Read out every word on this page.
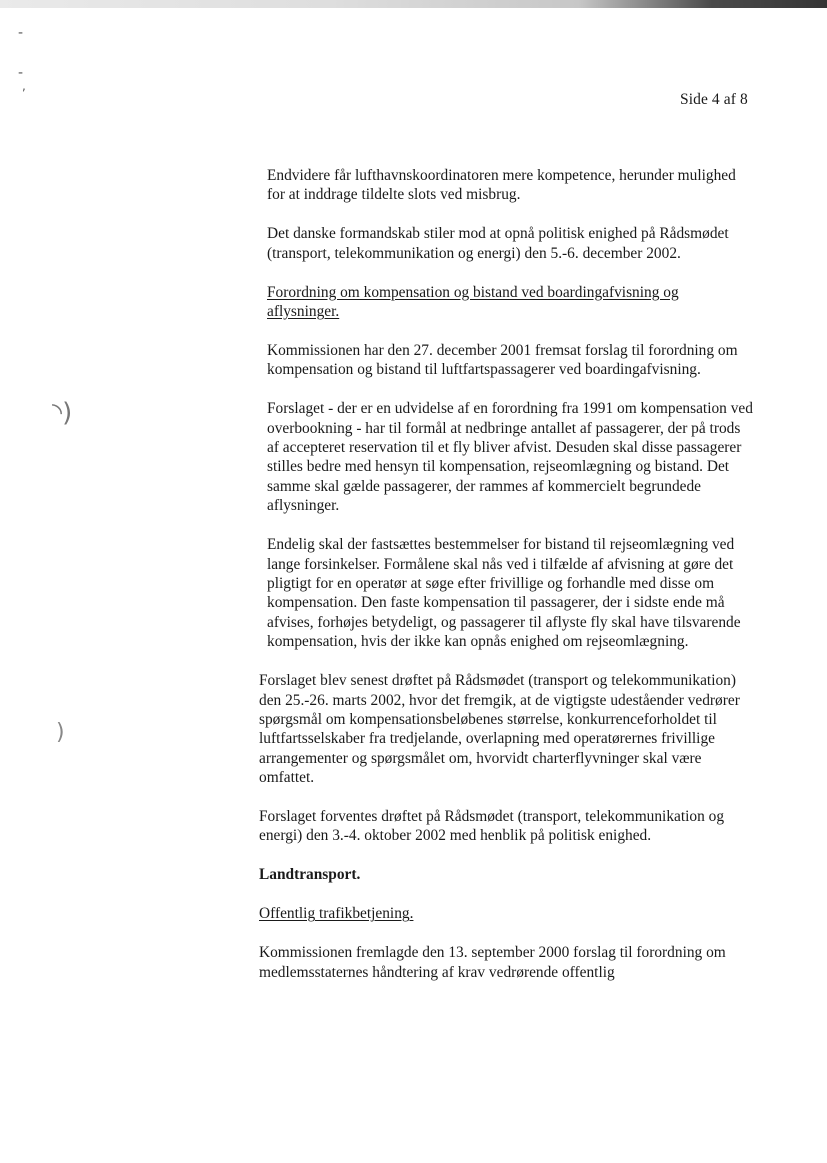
-
-
,
◝)
)
Side 4 af 8

Endvidere får lufthavnskoordinatoren mere kompetence, herunder mulighed for at inddrage tildelte slots ved misbrug.

Det danske formandskab stiler mod at opnå politisk enighed på Rådsmødet (transport, telekommunikation og energi) den 5.-6. december 2002.

Forordning om kompensation og bistand ved boardingafvisning og aflysninger.

Kommissionen har den 27. december 2001 fremsat forslag til forordning om kompensation og bistand til luftfartspassagerer ved boardingafvisning.

Forslaget - der er en udvidelse af en forordning fra 1991 om kompensation ved overbookning - har til formål at nedbringe antallet af passagerer, der på trods af accepteret reservation til et fly bliver afvist. Desuden skal disse passagerer stilles bedre med hensyn til kompensation, rejseomlægning og bistand. Det samme skal gælde passagerer, der rammes af kommercielt begrundede aflysninger.

Endelig skal der fastsættes bestemmelser for bistand til rejseomlægning ved lange forsinkelser. Formålene skal nås ved i tilfælde af afvisning at gøre det pligtigt for en operatør at søge efter frivillige og forhandle med disse om kompensation. Den faste kompensation til passagerer, der i sidste ende må afvises, forhøjes betydeligt, og passagerer til aflyste fly skal have tilsvarende kompensation, hvis der ikke kan opnås enighed om rejseomlægning.

Forslaget blev senest drøftet på Rådsmødet (transport og telekommunikation) den 25.-26. marts 2002, hvor det fremgik, at de vigtigste udeståender vedrører spørgsmål om kompensationsbeløbenes størrelse, konkurrenceforholdet til luftfartsselskaber fra tredjelande, overlapning med operatørernes frivillige arrangementer og spørgsmålet om, hvorvidt charterflyvninger skal være omfattet.

Forslaget forventes drøftet på Rådsmødet (transport, telekommunikation og energi) den 3.-4. oktober 2002 med henblik på politisk enighed.

Landtransport.

Offentlig trafikbetjening.

Kommissionen fremlagde den 13. september 2000 forslag til forordning om medlemsstaternes håndtering af krav vedrørende offentlig
